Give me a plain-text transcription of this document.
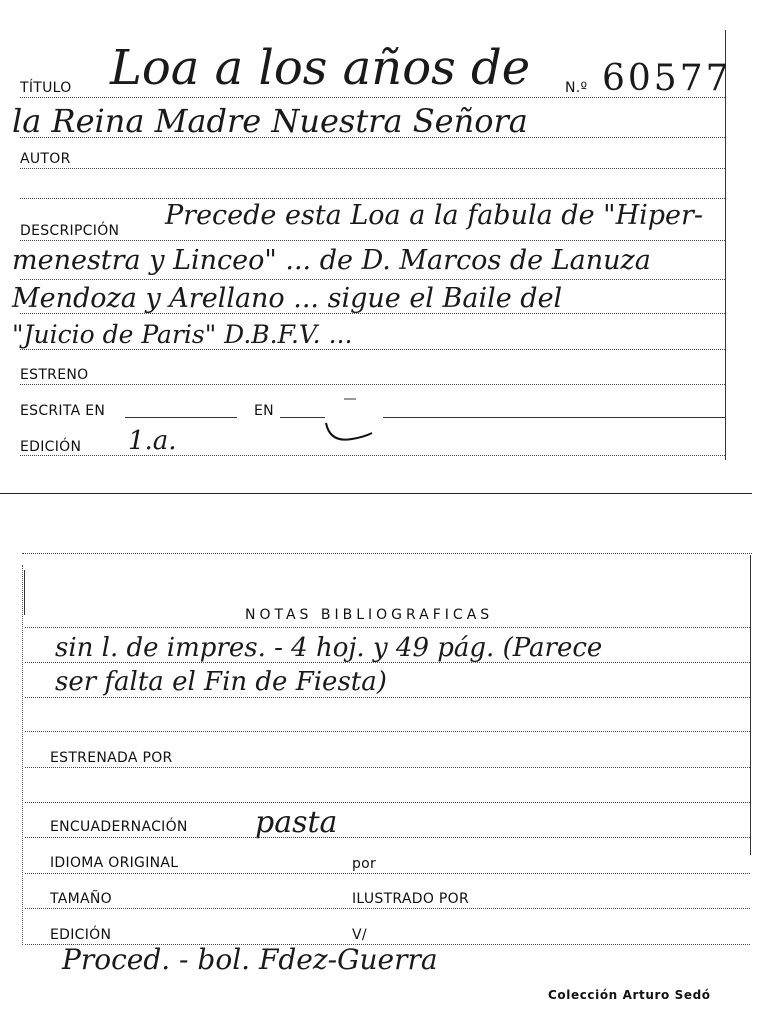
TÍTULO Loa a los años de N.º 60577
la Reina Madre Nuestra Señora
AUTOR
DESCRIPCIÓN Precede esta Loa a la fabula de "Hiper-
menestra y Linceo" ... de D. Marcos de Lanuza
Mendoza y Arellano ... sigue el Baile del
"Juicio de Paris" D.B.F.V. ...
ESTRENO
ESCRITA EN	EN
EDICIÓN 1.a.
NOTAS BIBLIOGRAFICAS
sin l. de impres. - 4 hoj. y 49 pág. (Parece
ser falta el Fin de Fiesta)
ESTRENADA POR
ENCUADERNACIÓN pasta
IDIOMA ORIGINAL	por
TAMAÑO	ILUSTRADO POR
EDICIÓN	V/
Proced. - bol. Fdez-Guerra
Colección Arturo Sedó
